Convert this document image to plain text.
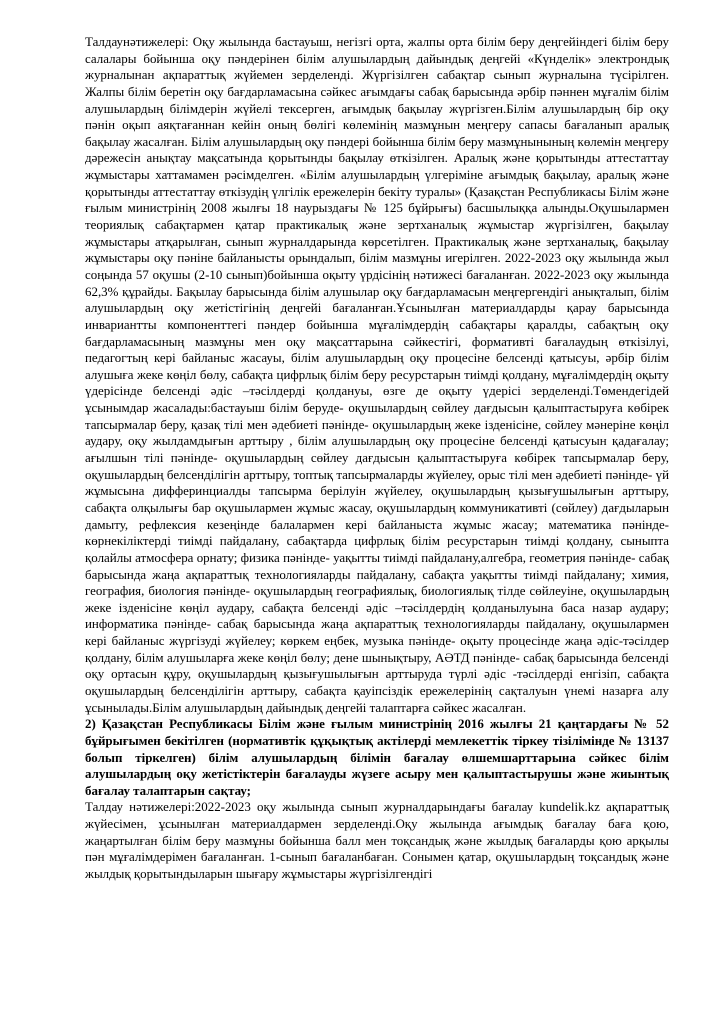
Талдаунәтижелері: Оқу жылында бастауыш, негізгі орта, жалпы орта білім беру деңгейіндегі білім беру салалары бойынша оқу пәндерінен білім алушылардың дайындық деңгейі «Күнделік» электрондық журналынан ақпараттық жүйемен зерделенді. Жүргізілген сабақтар сынып журналына түсірілген. Жалпы білім беретін оқу бағдарламасына сәйкес ағымдағы сабақ барысында әрбір пәннен мұғалім білім алушылардың білімдерін жүйелі тексерген, ағымдық бақылау жүргізген.Білім алушылардың бір оқу пәнін оқып аяқтағаннан кейін оның бөлігі көлемінің мазмұнын меңгеру сапасы бағаланып аралық бақылау жасалған. Білім алушылардың оқу пәндері бойынша білім беру мазмұнынының көлемін меңгеру дәрежесін анықтау мақсатында қорытынды бақылау өткізілген. Аралық және қорытынды аттестаттау жұмыстары хаттамамен рәсімделген. «Білім алушылардың үлгеріміне ағымдық бақылау, аралық және қорытынды аттестаттау өткізудің үлгілік ережелерін бекіту туралы» (Қазақстан Республикасы Білім және ғылым министрінің 2008 жылғы 18 наурыздағы № 125 бұйрығы) басшылыққа алынды.Оқушылармен теориялық сабақтармен қатар практикалық және зертханалық жұмыстар жүргізілген, бақылау жұмыстары атқарылған, сынып журналдарында көрсетілген. Практикалық және зертханалық, бақылау жұмыстары оқу пәніне байланысты орындалып, білім мазмұны игерілген. 2022-2023 оқу жылында жыл соңында 57 оқушы (2-10 сынып)бойынша оқыту үрдісінің нәтижесі бағаланған. 2022-2023 оқу жылында 62,3% құрайды. Бақылау барысында білім алушылар оқу бағдарламасын меңгергендігі анықталып, білім алушылардың оқу жетістігінің деңгейі бағаланған.Ұсынылған материалдарды қарау барысында инвариантты компоненттегі пәндер бойынша мұғалімдердің сабақтары қаралды, сабақтың оқу бағдарламасының мазмұны мен оқу мақсаттарына сәйкестігі, формативті бағалаудың өткізілуі, педагогтың кері байланыс жасауы, білім алушылардың оқу процесіне белсенді қатысуы, әрбір білім алушыға жеке көңіл бөлу, сабақта цифрлық білім беру ресурстарын тиімді қолдану, мұғалімдердің оқыту үдерісінде белсенді әдіс –тәсілдерді қолдануы, өзге де оқыту үдерісі зерделенді.Төмендегідей ұсынымдар жасалады:бастауыш білім беруде- оқушылардың сөйлеу дағдысын қалыптастыруға көбірек тапсырмалар беру, қазақ тілі мен әдебиеті пәнінде- оқушылардың жеке ізденісіне, сөйлеу мәнеріне көңіл аудару, оқу жылдамдығын арттыру , білім алушылардың оқу процесіне белсенді қатысуын қадағалау; ағылшын тілі пәнінде- оқушылардың сөйлеу дағдысын қалыптастыруға көбірек тапсырмалар беру, оқушылардың белсенділігін арттыру, топтық тапсырмаларды жүйелеу, орыс тілі мен әдебиеті пәнінде- үй жұмысына дифферинциалды тапсырма берілуін жүйелеу, оқушылардың қызығушылығын арттыру, сабақта олқылығы бар оқушылармен жұмыс жасау, оқушылардың коммуникативті (сөйлеу) дағдыларын дамыту, рефлексия кезеңінде балалармен кері байланыста жұмыс жасау; математика пәнінде- көрнекіліктерді тиімді пайдалану, сабақтарда цифрлық білім ресурстарын тиімді қолдану, сыныпта қолайлы атмосфера орнату; физика пәнінде- уақытты тиімді пайдалану,алгебра, геометрия пәнінде- сабақ барысында жаңа ақпараттық технологияларды пайдалану, сабақта уақытты тиімді пайдалану; химия, география, биология пәнінде- оқушылардың географиялық, биологиялық тілде сөйлеуіне, оқушылардың жеке ізденісіне көңіл аудару, сабақта белсенді әдіс –тәсілдердің қолданылуына баса назар аудару; информатика пәнінде- сабақ барысында жаңа ақпараттық технологияларды пайдалану, оқушылармен кері байланыс жүргізуді жүйелеу; көркем еңбек, музыка пәнінде- оқыту процесінде жаңа әдіс-тәсілдер қолдану, білім алушыларға жеке көңіл бөлу; дене шынықтыру, АӘТД пәнінде- сабақ барысында белсенді оқу ортасын құру, оқушылардың қызығушылығын арттыруда түрлі әдіс -тәсілдерді енгізіп, сабақта оқушылардың белсенділігін арттыру, сабақта қауіпсіздік ережелерінің сақталуын үнемі назарға алу ұсынылады.Білім алушылардың дайындық деңгейі талаптарға сәйкес жасалған.

2) Қазақстан Республикасы Білім және ғылым министрінің 2016 жылғы 21 қаңтардағы № 52 бұйрығымен бекітілген (нормативтік құқықтық актілерді мемлекеттік тіркеу тізілімінде № 13137 болып тіркелген) білім алушылардың білімін бағалау өлшемшарттарына сәйкес білім алушылардың оқу жетістіктерін бағалауды жүзеге асыру мен қалыптастырушы және жиынтық бағалау талаптарын сақтау;

Талдау нәтижелері:2022-2023 оқу жылында сынып журналдарындағы бағалау kundelik.kz ақпараттық жүйесімен, ұсынылған материалдармен зерделенді.Оқу жылында ағымдық бағалау баға қою, жаңартылған білім беру мазмұны бойынша балл мен тоқсандық және жылдық бағаларды қою арқылы пән мұғалімдерімен бағаланған. 1-сынып бағаланбаған. Сонымен қатар, оқушылардың тоқсандық және жылдық қорытындыларын шығару жұмыстары жүргізілгендігі
